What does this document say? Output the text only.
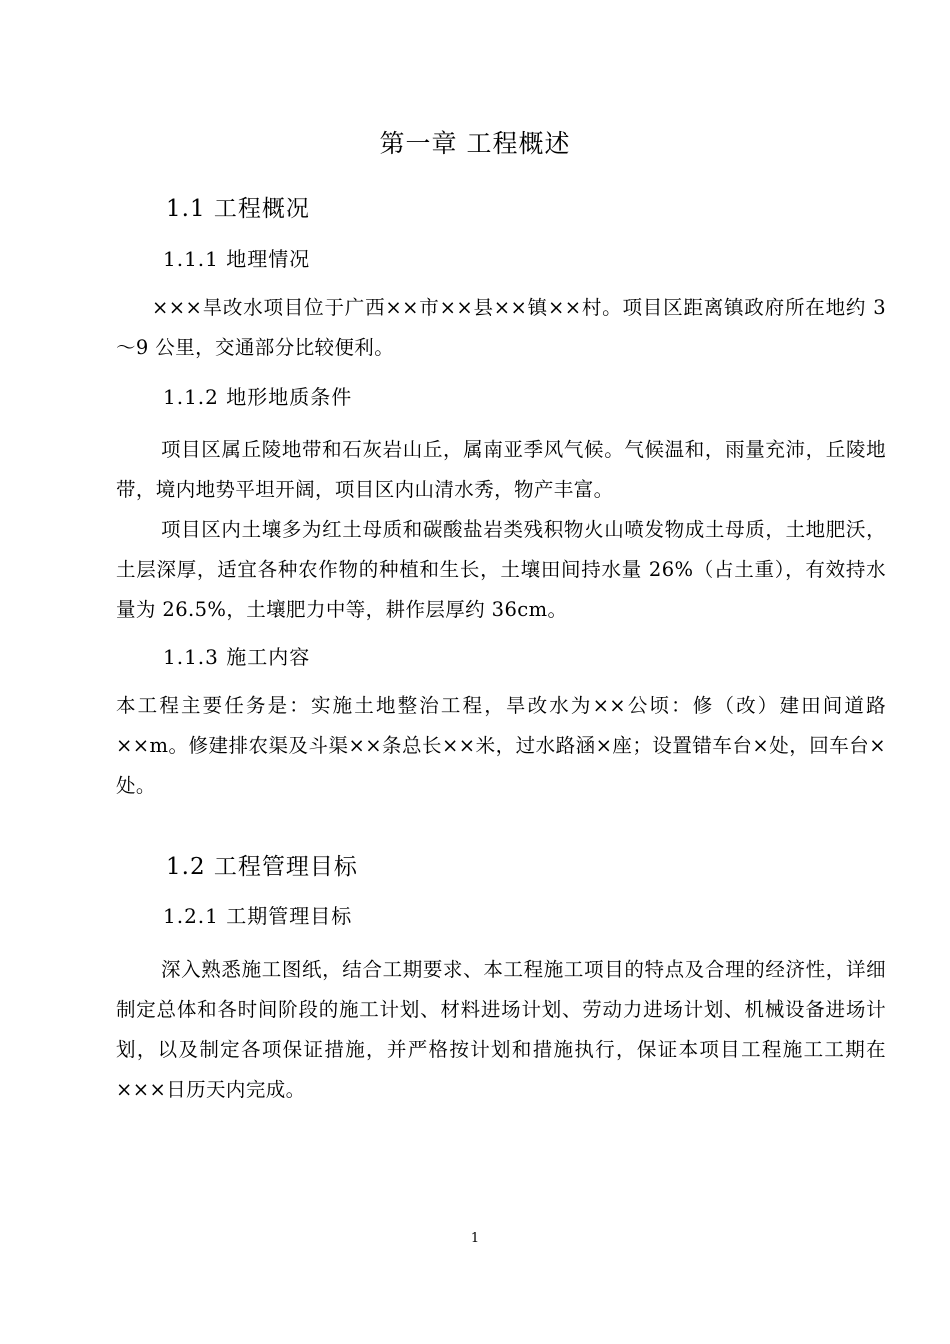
第一章 工程概述
1.1 工程概况
1.1.1 地理情况
×××旱改水项目位于广西××市××县××镇××村。项目区距离镇政府所在地约 3～9 公里，交通部分比较便利。
1.1.2 地形地质条件
项目区属丘陵地带和石灰岩山丘，属南亚季风气候。气候温和，雨量充沛，丘陵地带，境内地势平坦开阔，项目区内山清水秀，物产丰富。
项目区内土壤多为红土母质和碳酸盐岩类残积物火山喷发物成土母质，土地肥沃，土层深厚，适宜各种农作物的种植和生长，土壤田间持水量 26%（占土重），有效持水量为 26.5%，土壤肥力中等，耕作层厚约 36cm。
1.1.3 施工内容
本工程主要任务是：实施土地整治工程，旱改水为××公顷：修（改）建田间道路××m。修建排农渠及斗渠××条总长××米，过水路涵×座；设置错车台×处，回车台×处。
1.2 工程管理目标
1.2.1 工期管理目标
深入熟悉施工图纸，结合工期要求、本工程施工项目的特点及合理的经济性，详细制定总体和各时间阶段的施工计划、材料进场计划、劳动力进场计划、机械设备进场计划，以及制定各项保证措施，并严格按计划和措施执行，保证本项目工程施工工期在×××日历天内完成。
1
